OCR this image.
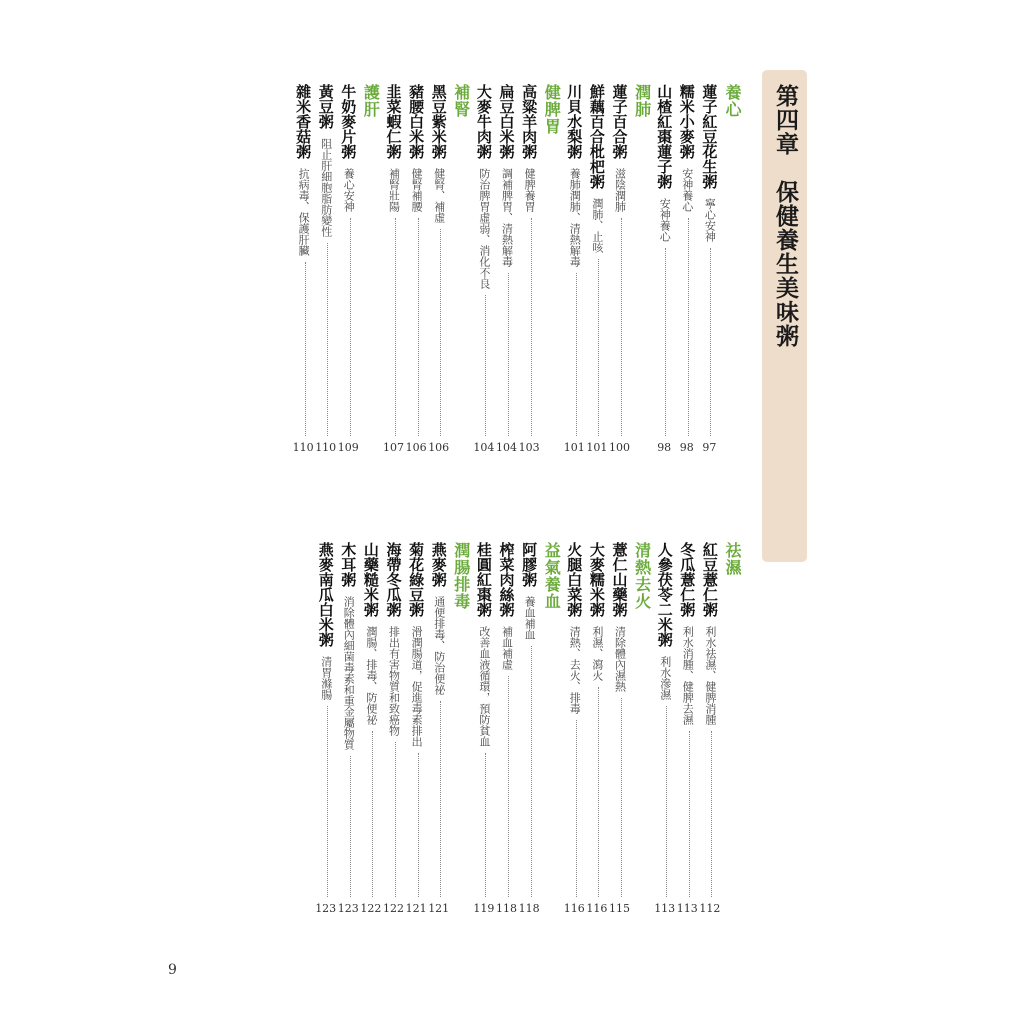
第四章　保健養生美味粥
養心
蓮子紅豆花生粥
寧心安神
97
糯米小麥粥
安神養心
98
山楂紅棗蓮子粥
安神養心
98
潤肺
蓮子百合粥
滋陰潤肺
100
鮮藕百合枇杷粥
潤肺、止咳
101
川貝水梨粥
養肺潤肺、清熱解毒
101
健脾胃
高粱羊肉粥
健脾養胃
103
扁豆白米粥
調補脾胃、清熱解毒
104
大麥牛肉粥
防治脾胃虛弱、消化不良
104
補腎
黑豆紫米粥
健腎、補虛
106
豬腰白米粥
健腎補腰
106
韭菜蝦仁粥
補腎壯陽
107
護肝
牛奶麥片粥
養心安神
109
黃豆粥
阻止肝細胞脂肪變性
110
雜米香菇粥
抗病毒、保護肝臟
110
祛濕
紅豆薏仁粥
利水祛濕、健脾消腫
112
冬瓜薏仁粥
利水消腫、健脾去濕
113
人參茯苓二米粥
利水滲濕
113
清熱去火
薏仁山藥粥
清除體內濕熱
115
大麥糯米粥
利濕、瀉火
116
火腿白菜粥
清熱、去火、排毒
116
益氣養血
阿膠粥
養血補血
118
榨菜肉絲粥
補血補虛
118
桂圓紅棗粥
改善血液循環，預防貧血
119
潤腸排毒
燕麥粥
通便排毒、防治便祕
121
菊花綠豆粥
滑潤腸道，促進毒素排出
121
海帶冬瓜粥
排出有害物質和致癌物
122
山藥糙米粥
潤腸、排毒、防便祕
122
木耳粥
消除體內細菌毒素和重金屬物質
123
燕麥南瓜白米粥
清胃滌腸
123
9
